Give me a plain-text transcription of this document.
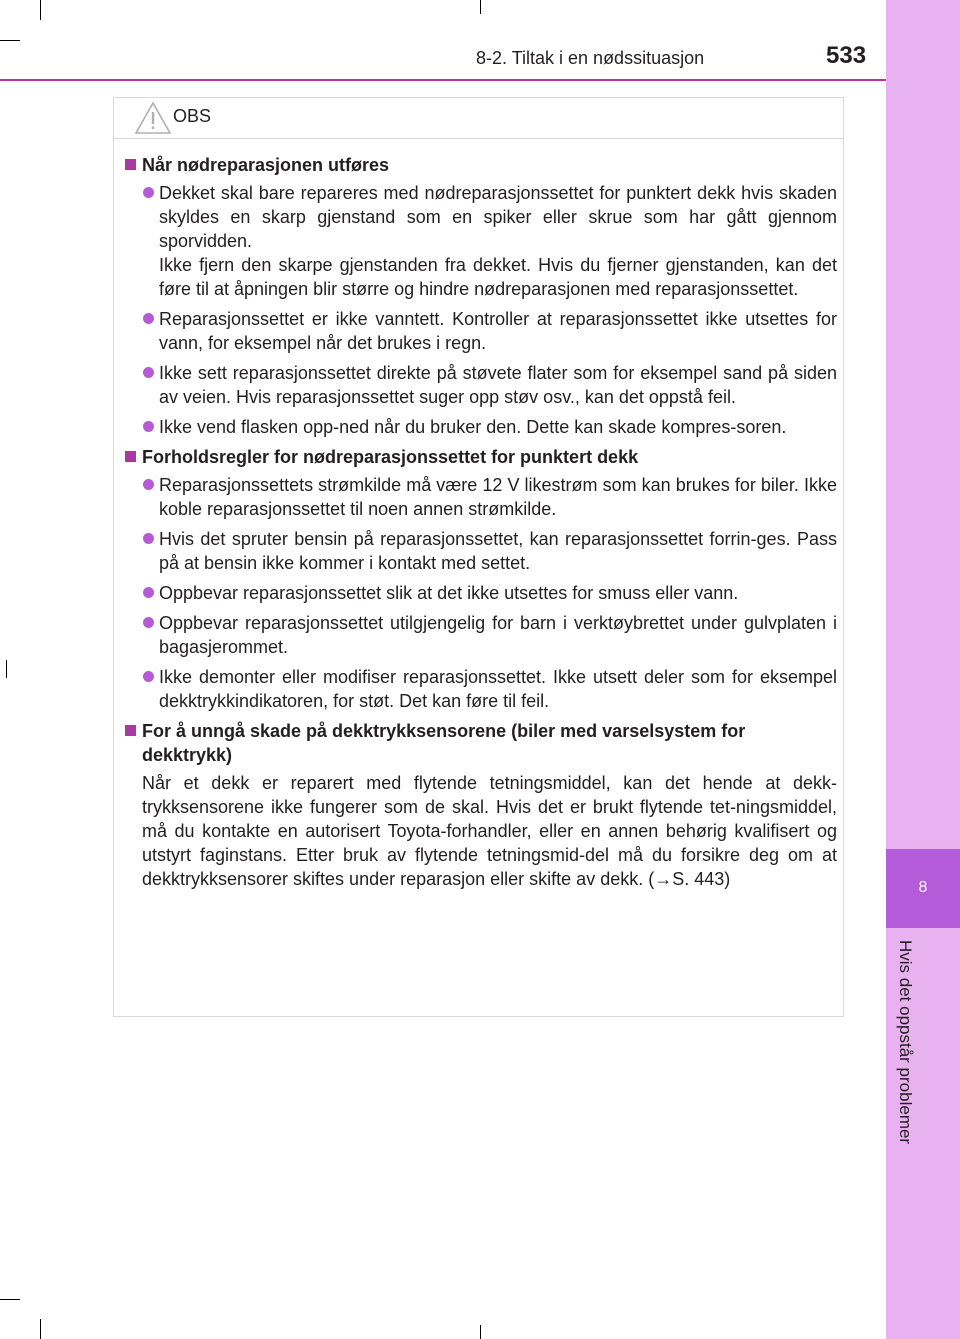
8-2. Tiltak i en nødssituasjon	533
8
Hvis det oppstår problemer
OBS
Når nødreparasjonen utføres
Dekket skal bare repareres med nødreparasjonssettet for punktert dekk hvis skaden skyldes en skarp gjenstand som en spiker eller skrue som har gått gjennom sporvidden.
Ikke fjern den skarpe gjenstanden fra dekket. Hvis du fjerner gjenstanden, kan det føre til at åpningen blir større og hindre nødreparasjonen med reparasjonssettet.
Reparasjonssettet er ikke vanntett. Kontroller at reparasjonssettet ikke utsettes for vann, for eksempel når det brukes i regn.
Ikke sett reparasjonssettet direkte på støvete flater som for eksempel sand på siden av veien. Hvis reparasjonssettet suger opp støv osv., kan det oppstå feil.
Ikke vend flasken opp-ned når du bruker den. Dette kan skade kompres-soren.
Forholdsregler for nødreparasjonssettet for punktert dekk
Reparasjonssettets strømkilde må være 12 V likestrøm som kan brukes for biler. Ikke koble reparasjonssettet til noen annen strømkilde.
Hvis det spruter bensin på reparasjonssettet, kan reparasjonssettet forrin-ges. Pass på at bensin ikke kommer i kontakt med settet.
Oppbevar reparasjonssettet slik at det ikke utsettes for smuss eller vann.
Oppbevar reparasjonssettet utilgjengelig for barn i verktøybrettet under gulvplaten i bagasjerommet.
Ikke demonter eller modifiser reparasjonssettet. Ikke utsett deler som for eksempel dekktrykkindikatoren, for støt. Det kan føre til feil.
For å unngå skade på dekktrykksensorene (biler med varselsystem for dekktrykk)
Når et dekk er reparert med flytende tetningsmiddel, kan det hende at dekk-trykksensorene ikke fungerer som de skal. Hvis det er brukt flytende tet-ningsmiddel, må du kontakte en autorisert Toyota-forhandler, eller en annen behørig kvalifisert og utstyrt faginstans. Etter bruk av flytende tetningsmid-del må du forsikre deg om at dekktrykksensorer skiftes under reparasjon eller skifte av dekk. (→S. 443)
